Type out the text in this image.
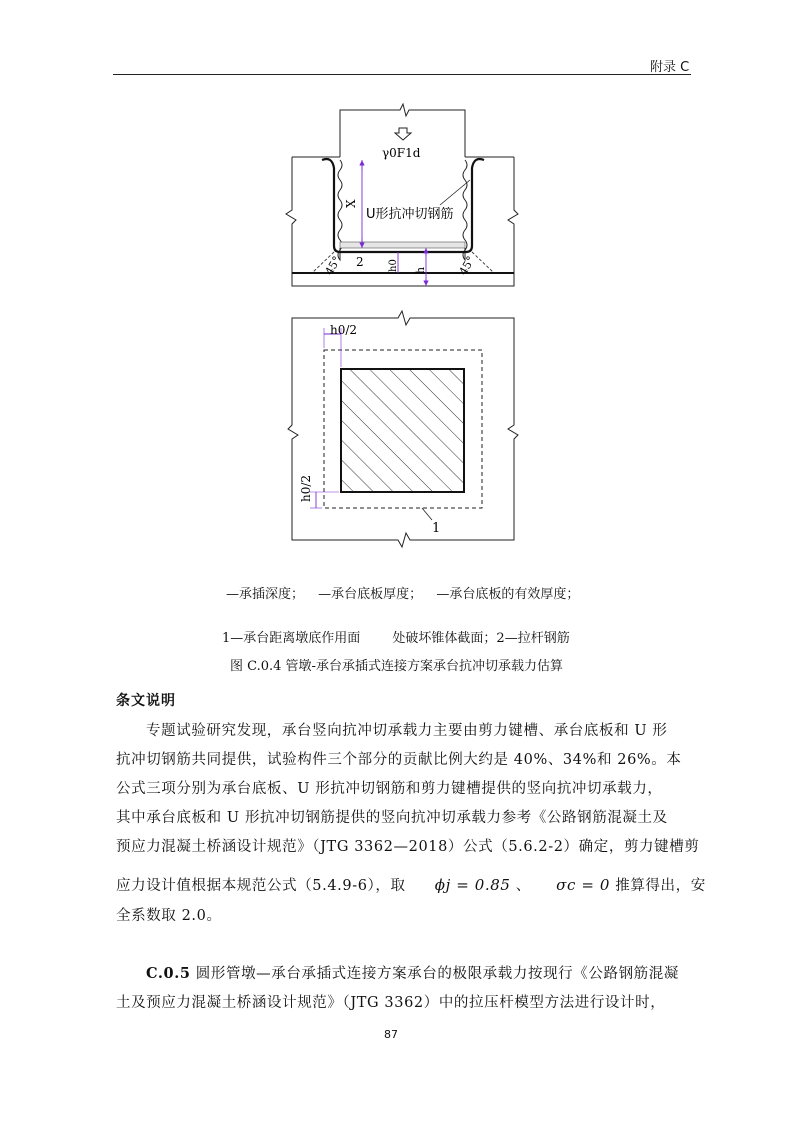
附录 C
γ0F1d
X
U形抗冲切钢筋
45°	45°
2 h0 h
h0/2
h0/2
1
—承插深度； —承台底板厚度； —承台底板的有效厚度；
1—承台距离墩底作用面 处破坏锥体截面；2—拉杆钢筋
图 C.0.4 管墩-承台承插式连接方案承台抗冲切承载力估算
条文说明
专题试验研究发现，承台竖向抗冲切承载力主要由剪力键槽、承台底板和 U 形
抗冲切钢筋共同提供，试验构件三个部分的贡献比例大约是 40%、34%和 26%。本
公式三项分别为承台底板、U 形抗冲切钢筋和剪力键槽提供的竖向抗冲切承载力，
其中承台底板和 U 形抗冲切钢筋提供的竖向抗冲切承载力参考《公路钢筋混凝土及
预应力混凝土桥涵设计规范》（JTG 3362—2018）公式（5.6.2-2）确定，剪力键槽剪
应力设计值根据本规范公式（5.4.9-6），取 ϕj = 0.85 、 σc = 0 推算得出，安
全系数取 2.0。
C.0.5 圆形管墩—承台承插式连接方案承台的极限承载力按现行《公路钢筋混凝
土及预应力混凝土桥涵设计规范》（JTG 3362）中的拉压杆模型方法进行设计时，
87
